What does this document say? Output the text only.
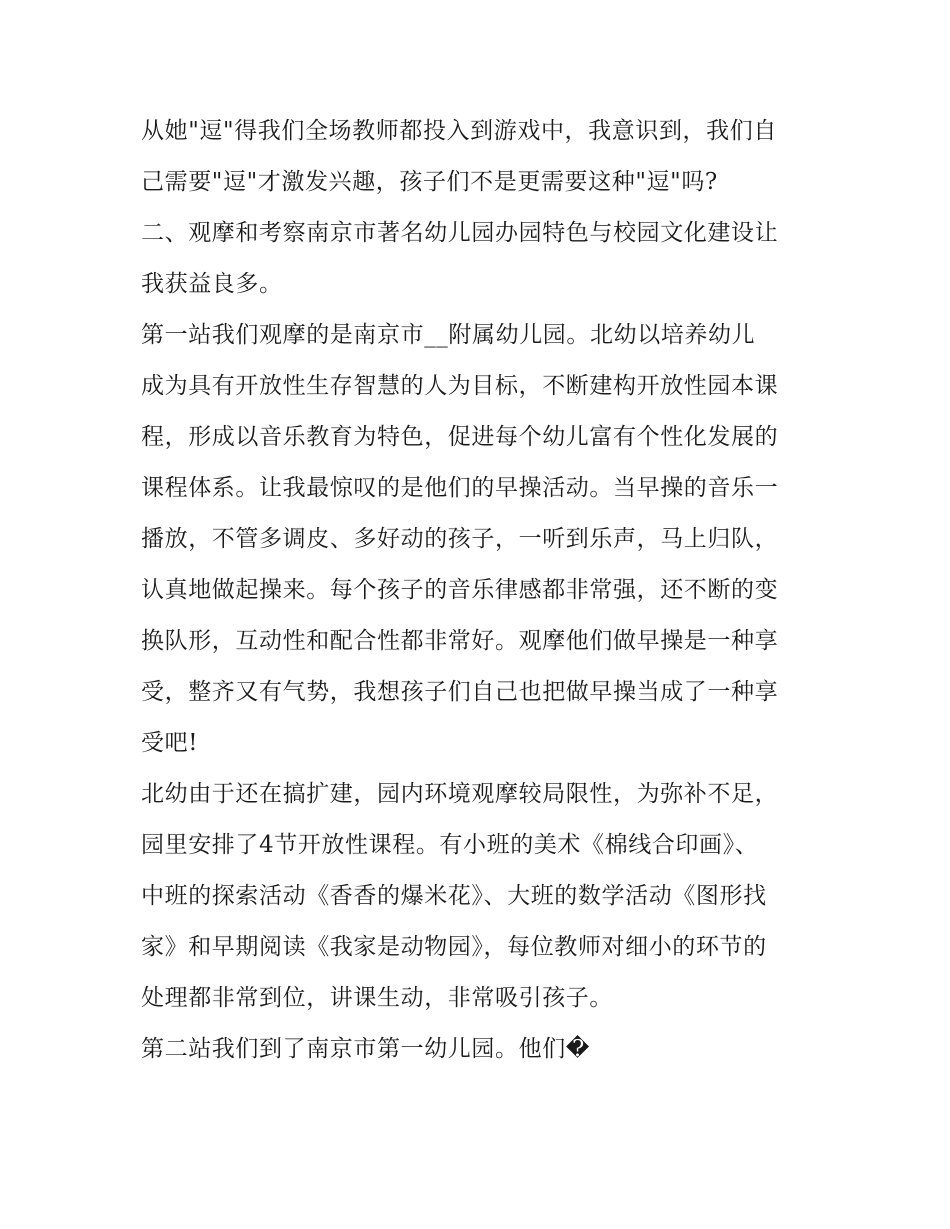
从她"逗"得我们全场教师都投入到游戏中，我意识到，我们自
己需要"逗"才激发兴趣，孩子们不是更需要这种"逗"吗?
二、观摩和考察南京市著名幼儿园办园特色与校园文化建设让
我获益良多。
第一站我们观摩的是南京市__附属幼儿园。北幼以培养幼儿
成为具有开放性生存智慧的人为目标，不断建构开放性园本课
程，形成以音乐教育为特色，促进每个幼儿富有个性化发展的
课程体系。让我最惊叹的是他们的早操活动。当早操的音乐一
播放，不管多调皮、多好动的孩子，一听到乐声，马上归队，
认真地做起操来。每个孩子的音乐律感都非常强，还不断的变
换队形，互动性和配合性都非常好。观摩他们做早操是一种享
受，整齐又有气势，我想孩子们自己也把做早操当成了一种享
受吧!
北幼由于还在搞扩建，园内环境观摩较局限性，为弥补不足，
园里安排了4节开放性课程。有小班的美术《棉线合印画》、
中班的探索活动《香香的爆米花》、大班的数学活动《图形找
家》和早期阅读《我家是动物园》，每位教师对细小的环节的
处理都非常到位，讲课生动，非常吸引孩子。
第二站我们到了南京市第一幼儿园。他们�
